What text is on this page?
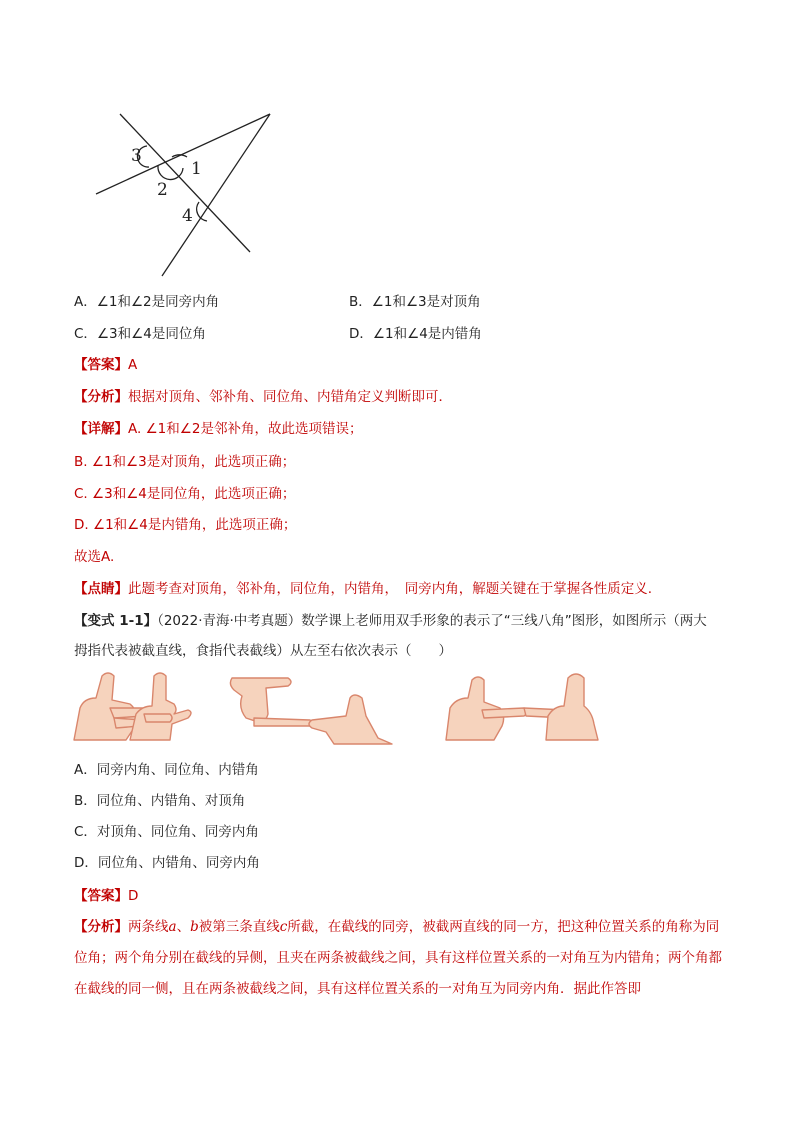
3
1
2
4
A．∠1和∠2是同旁内角	B．∠1和∠3是对顶角
C．∠3和∠4是同位角	D．∠1和∠4是内错角
【答案】A
【分析】根据对顶角、邻补角、同位角、内错角定义判断即可．
【详解】A. ∠1和∠2是邻补角，故此选项错误；
B. ∠1和∠3是对顶角，此选项正确；
C. ∠3和∠4是同位角，此选项正确；
D. ∠1和∠4是内错角，此选项正确；
故选A.
【点睛】此题考查对顶角，邻补角，同位角，内错角，　同旁内角，解题关键在于掌握各性质定义.
【变式 1-1】（2022·青海·中考真题）数学课上老师用双手形象的表示了“三线八角”图形，如图所示（两大
拇指代表被截直线，食指代表截线）从左至右依次表示（　　）
A．同旁内角、同位角、内错角
B．同位角、内错角、对顶角
C．对顶角、同位角、同旁内角
D．同位角、内错角、同旁内角
【答案】D
【分析】两条线a、b被第三条直线c所截，在截线的同旁，被截两直线的同一方，把这种位置关系的角称为同位角；两个角分别在截线的异侧，且夹在两条被截线之间，具有这样位置关系的一对角互为内错角；两个角都在截线的同一侧，且在两条被截线之间，具有这样位置关系的一对角互为同旁内角．据此作答即
